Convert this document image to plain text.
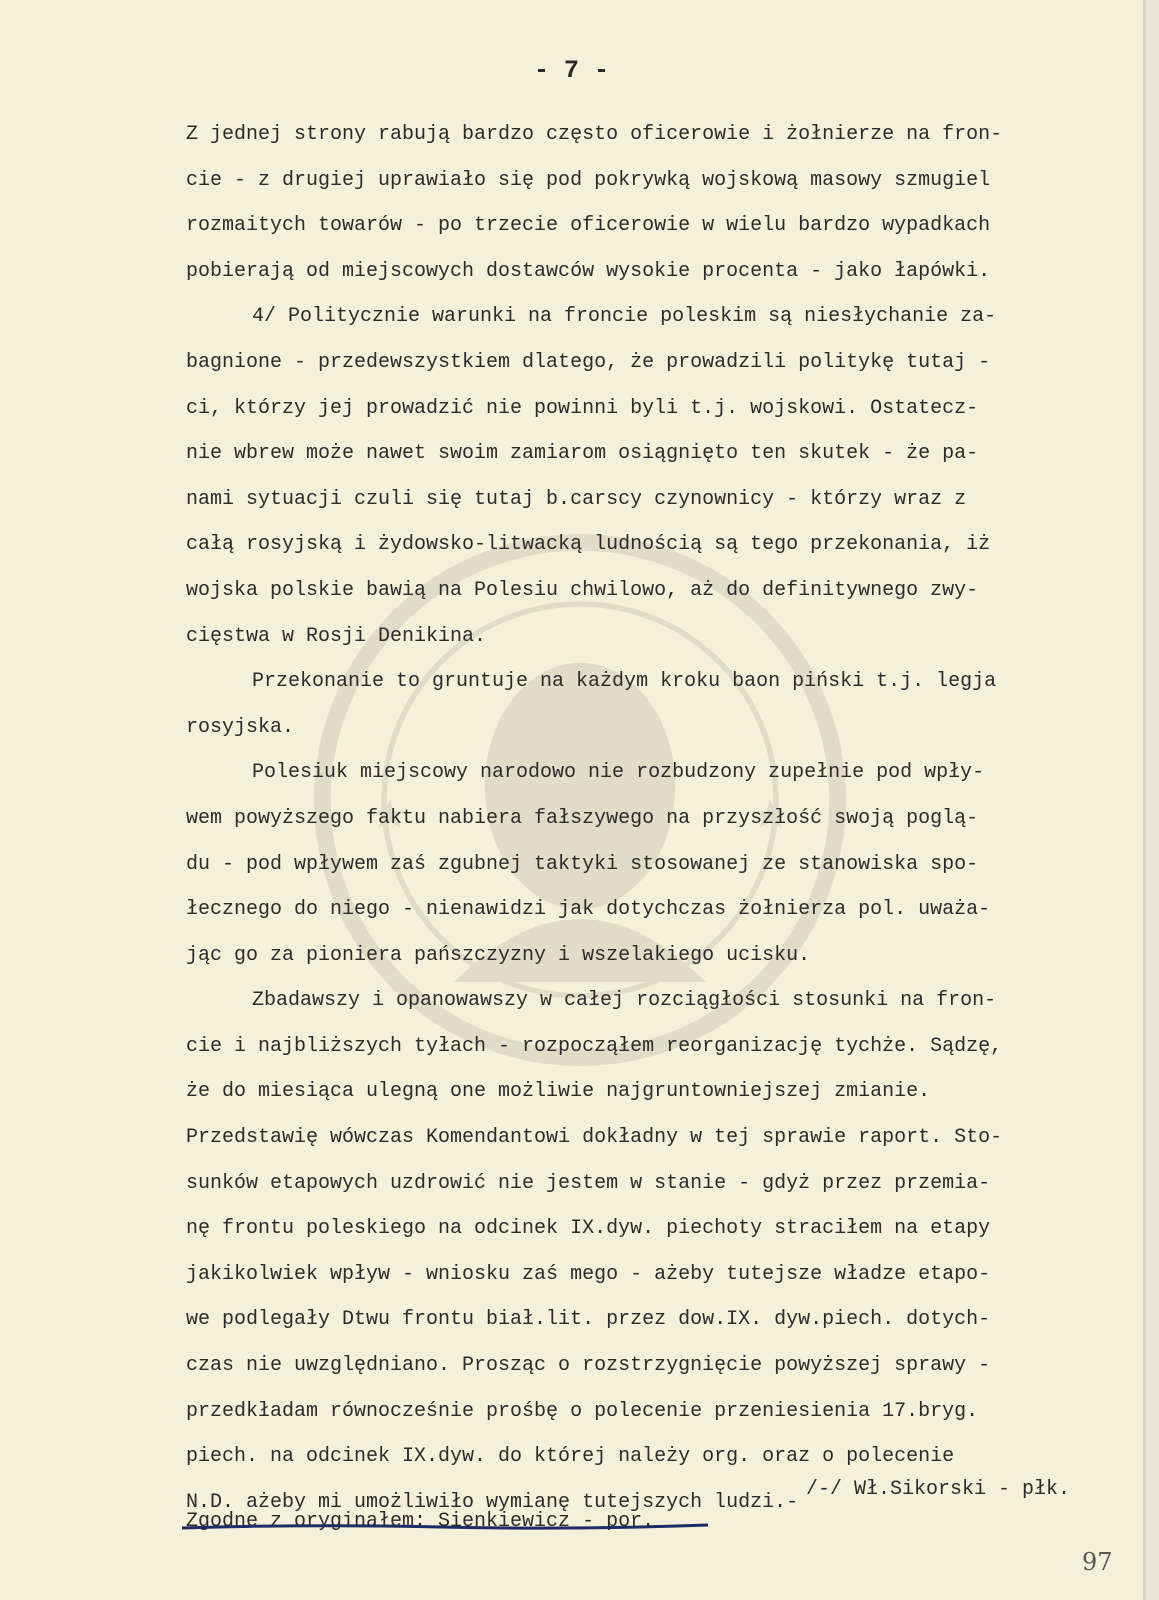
- 7 -
Z jednej strony rabują bardzo często oficerowie i żołnierze na fron-
cie - z drugiej uprawiało się pod pokrywką wojskową masowy szmugiel
rozmaitych towarów - po trzecie oficerowie w wielu bardzo wypadkach
pobierają od miejscowych dostawców wysokie procenta - jako łapówki.
4/ Politycznie warunki na froncie poleskim są niesłychanie za-
bagnione - przedewszystkiem dlatego, że prowadzili politykę tutaj -
ci, którzy jej prowadzić nie powinni byli t.j. wojskowi. Ostatecz-
nie wbrew może nawet swoim zamiarom osiągnięto ten skutek - że pa-
nami sytuacji czuli się tutaj b.carscy czynownicy - którzy wraz z
całą rosyjską i żydowsko-litwacką ludnością są tego przekonania, iż
wojska polskie bawią na Polesiu chwilowo, aż do definitywnego zwy-
cięstwa w Rosji Denikina.
Przekonanie to gruntuje na każdym kroku baon piński t.j. legja
rosyjska.
Polesiuk miejscowy narodowo nie rozbudzony zupełnie pod wpły-
wem powyższego faktu nabiera fałszywego na przyszłość swoją poglą-
du - pod wpływem zaś zgubnej taktyki stosowanej ze stanowiska spo-
łecznego do niego - nienawidzi jak dotychczas żołnierza pol. uważa-
jąc go za pioniera pańszczyzny i wszelakiego ucisku.
Zbadawszy i opanowawszy w całej rozciągłości stosunki na fron-
cie i najbliższych tyłach - rozpocząłem reorganizację tychże. Sądzę,
że do miesiąca ulegną one możliwie najgruntowniejszej zmianie.
Przedstawię wówczas Komendantowi dokładny w tej sprawie raport. Sto-
sunków etapowych uzdrowić nie jestem w stanie - gdyż przez przemia-
nę frontu poleskiego na odcinek IX.dyw. piechoty straciłem na etapy
jakikolwiek wpływ - wniosku zaś mego - ażeby tutejsze władze etapo-
we podlegały Dtwu frontu biał.lit. przez dow.IX. dyw.piech. dotych-
czas nie uwzględniano. Prosząc o rozstrzygnięcie powyższej sprawy -
przedkładam równocześnie prośbę o polecenie przeniesienia 17.bryg.
piech. na odcinek IX.dyw. do której należy org. oraz o polecenie
N.D. ażeby mi umożliwiło wymianę tutejszych ludzi.-
/-/ Wł.Sikorski - płk.
Zgodne z oryginałem: Sienkiewicz - por.
97
